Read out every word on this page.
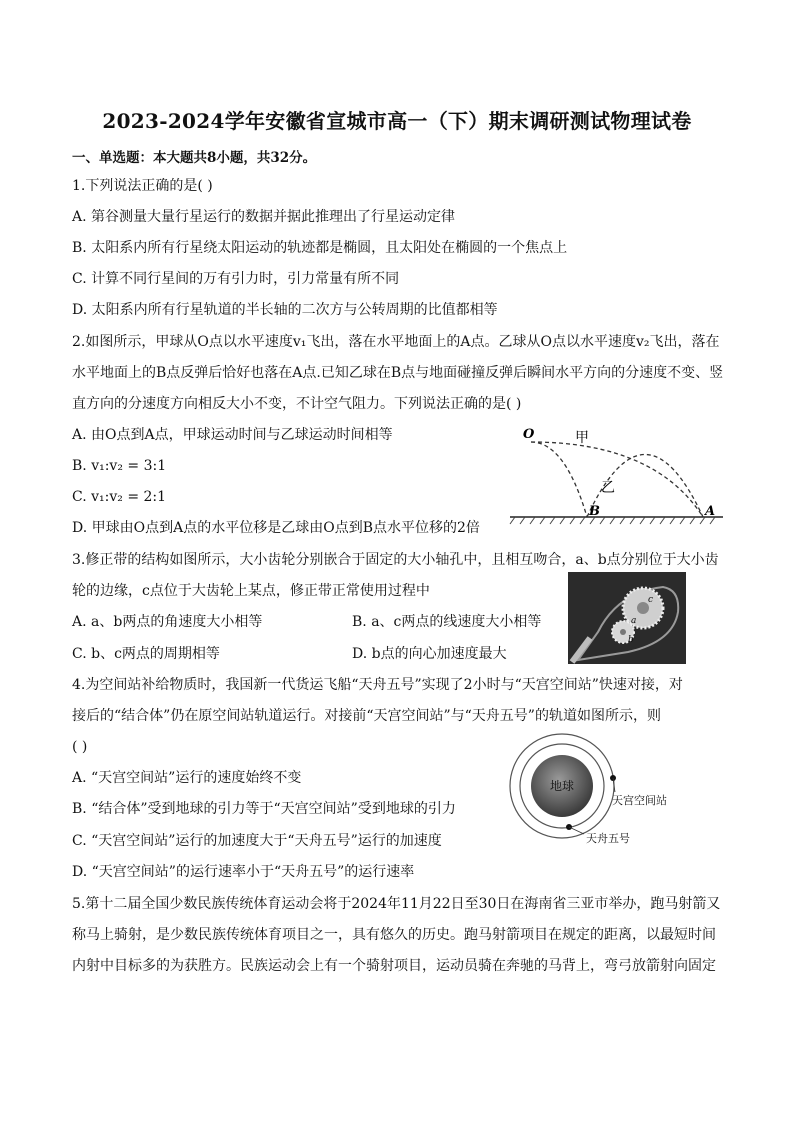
2023-2024学年安徽省宣城市高一（下）期末调研测试物理试卷
一、单选题：本大题共8小题，共32分。
1.下列说法正确的是( )
A. 第谷测量大量行星运行的数据并据此推理出了行星运动定律
B. 太阳系内所有行星绕太阳运动的轨迹都是椭圆，且太阳处在椭圆的一个焦点上
C. 计算不同行星间的万有引力时，引力常量有所不同
D. 太阳系内所有行星轨道的半长轴的二次方与公转周期的比值都相等
2.如图所示，甲球从O点以水平速度v₁飞出，落在水平地面上的A点。乙球从O点以水平速度v₂飞出，落在
水平地面上的B点反弹后恰好也落在A点.已知乙球在B点与地面碰撞反弹后瞬间水平方向的分速度不变、竖
直方向的分速度方向相反大小不变，不计空气阻力。下列说法正确的是( )
A. 由O点到A点，甲球运动时间与乙球运动时间相等
B. v₁:v₂ = 3:1
C. v₁:v₂ = 2:1
D. 甲球由O点到A点的水平位移是乙球由O点到B点水平位移的2倍
O	甲
乙
B	A
3.修正带的结构如图所示，大小齿轮分别嵌合于固定的大小轴孔中，且相互吻合，a、b点分别位于大小齿
轮的边缘，c点位于大齿轮上某点，修正带正常使用过程中
A. a、b两点的角速度大小相等	B. a、c两点的线速度大小相等
C. b、c两点的周期相等	D. b点的向心加速度最大
c
a
b
4.为空间站补给物质时，我国新一代货运飞船“天舟五号”实现了2小时与“天宫空间站”快速对接，对
接后的“结合体”仍在原空间站轨道运行。对接前“天宫空间站”与“天舟五号”的轨道如图所示，则
( )
A. “天宫空间站”运行的速度始终不变
B. “结合体”受到地球的引力等于“天宫空间站”受到地球的引力
C. “天宫空间站”运行的加速度大于“天舟五号”运行的加速度
D. “天宫空间站”的运行速率小于“天舟五号”的运行速率
地球
天宫空间站
天舟五号
5.第十二届全国少数民族传统体育运动会将于2024年11月22日至30日在海南省三亚市举办，跑马射箭又
称马上骑射，是少数民族传统体育项目之一，具有悠久的历史。跑马射箭项目在规定的距离，以最短时间
内射中目标多的为获胜方。民族运动会上有一个骑射项目，运动员骑在奔驰的马背上，弯弓放箭射向固定
